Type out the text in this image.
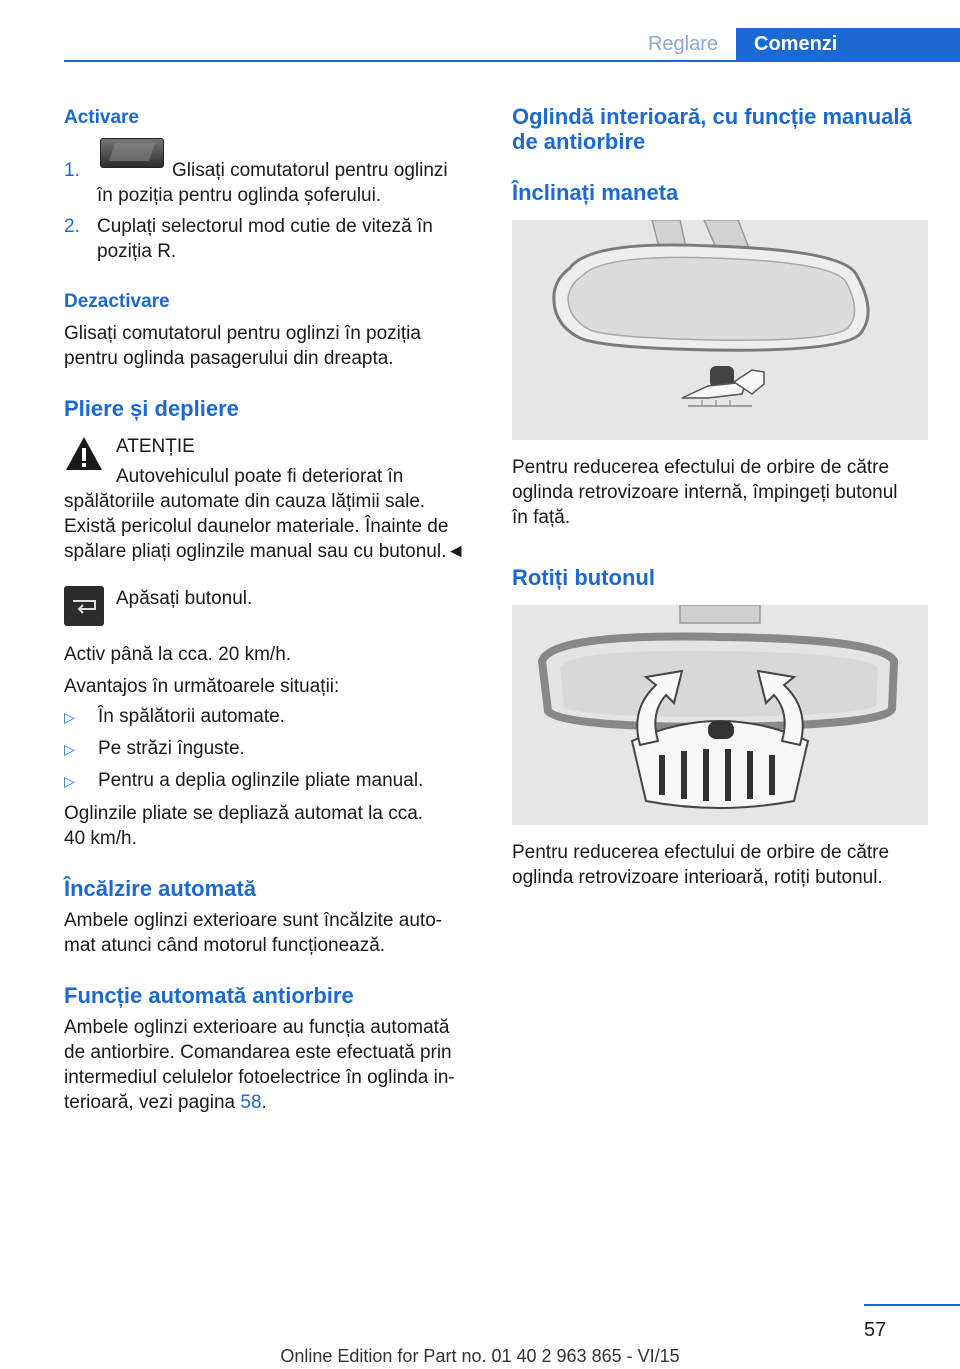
Reglare	Comenzi
Activare
1.	Glisați comutatorul pentru oglinzi
în poziția pentru oglinda șoferului.
2. Cuplați selectorul mod cutie de viteză în
poziția R.
Dezactivare
Glisați comutatorul pentru oglinzi în poziția
pentru oglinda pasagerului din dreapta.
Pliere și depliere
ATENȚIE
Autovehiculul poate fi deteriorat în
spălătoriile automate din cauza lățimii sale.
Există pericolul daunelor materiale. Înainte de
spălare pliați oglinzile manual sau cu butonul.◄
Apăsați butonul.
Activ până la cca. 20 km/h.
Avantajos în următoarele situații:
▷ În spălătorii automate.
▷ Pe străzi înguste.
▷ Pentru a deplia oglinzile pliate manual.
Oglinzile pliate se depliază automat la cca.
40 km/h.
Încălzire automată
Ambele oglinzi exterioare sunt încălzite auto‐
mat atunci când motorul funcționează.
Funcție automată antiorbire
Ambele oglinzi exterioare au funcția automată
de antiorbire. Comandarea este efectuată prin
intermediul celulelor fotoelectrice în oglinda in‐
terioară, vezi pagina 58.
Oglindă interioară, cu funcție manuală
de antiorbire
Înclinați maneta
Pentru reducerea efectului de orbire de către
oglinda retrovizoare internă, împingeți butonul
în față.
Rotiți butonul
Pentru reducerea efectului de orbire de către
oglinda retrovizoare interioară, rotiți butonul.
57
Online Edition for Part no. 01 40 2 963 865 - VI/15
